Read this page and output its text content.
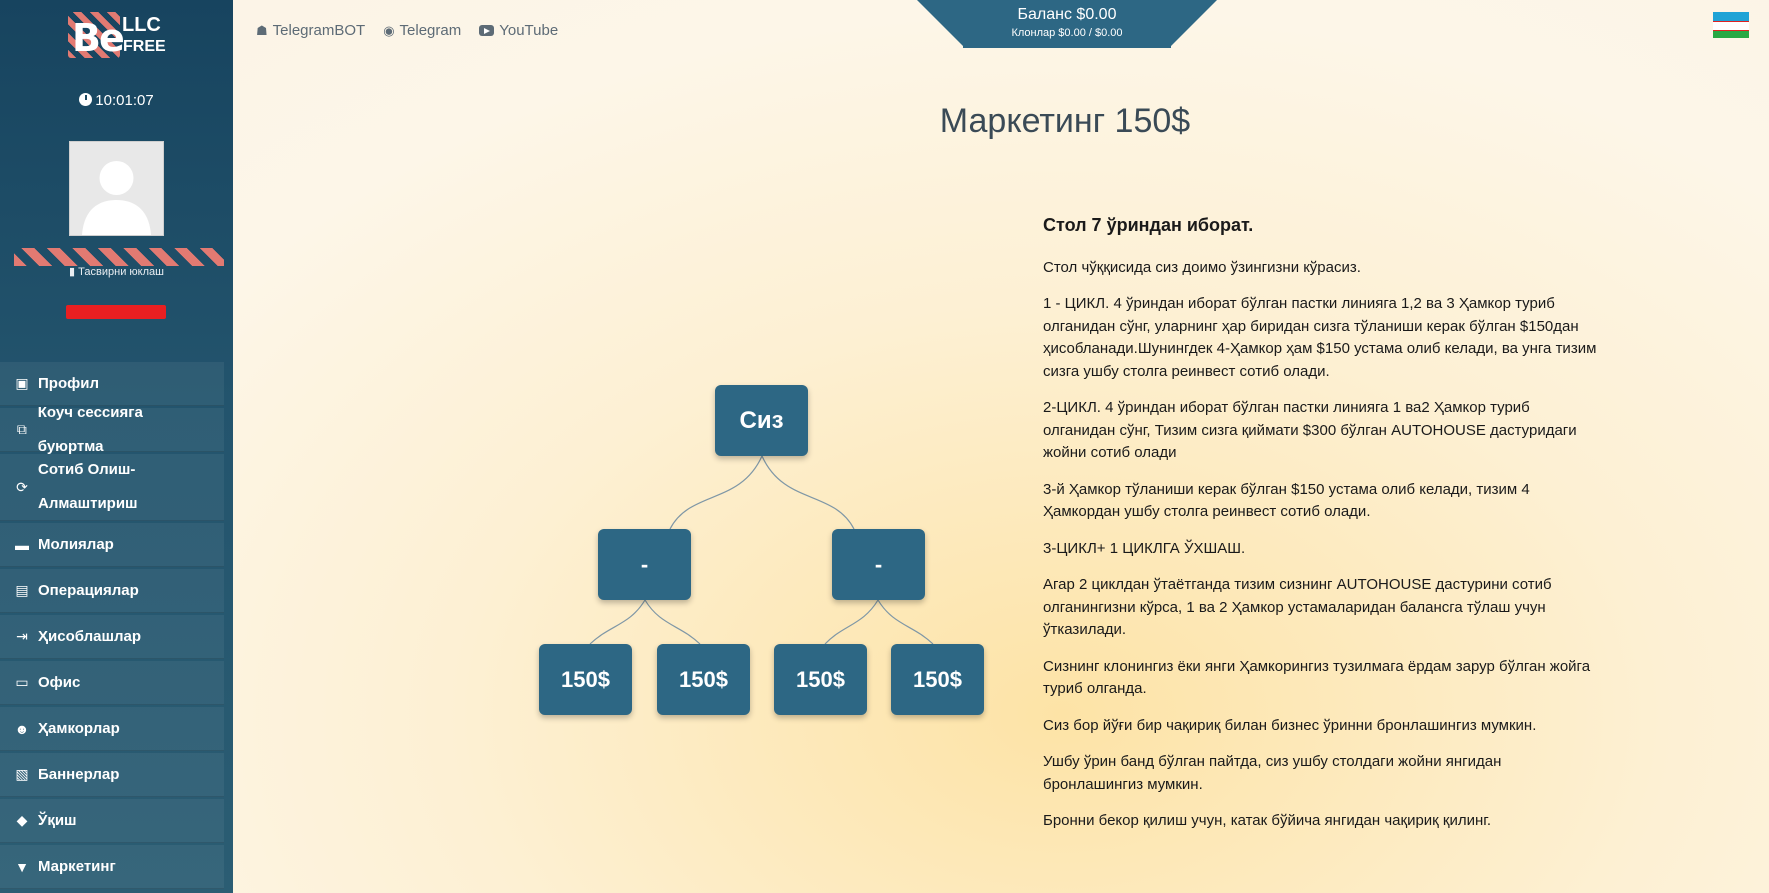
Be LLC
FREE
10:01:07
▮ Тасвирни юклаш
▣ Профил
⧉
Коуч сессияга буюртма
⟳
Сотиб Олиш-Алмаштириш
▬ Молиялар
▤ Операциялар
⇥ Ҳисоблашлар
▭ Офис
☻ Ҳамкорлар
▧ Баннерлар
◆ Ўқиш
▼ Маркетинг
☗ TelegramBOT ◉ Telegram	YouTube
Баланс $0.00
Клонлар $0.00 / $0.00
Маркетинг 150$
Сиз
-	-
150$	150$	150$	150$
Стол 7 ўриндан иборат.

Стол чўққисида сиз доимо ўзингизни кўрасиз.

1 - ЦИКЛ. 4 ўриндан иборат бўлган пастки линияга 1,2 ва 3 Ҳамкор туриб олганидан сўнг, уларнинг ҳар биридан сизга тўланиши керак бўлган $150дан ҳисобланади.Шунингдек 4-Ҳамкор ҳам $150 устама олиб келади, ва унга тизим сизга ушбу столга реинвест сотиб олади.

2-ЦИКЛ. 4 ўриндан иборат бўлган пастки линияга 1 ва2 Ҳамкор туриб олганидан сўнг, Тизим сизга қиймати $300 бўлган AUTOHOUSE дастуридаги жойни сотиб олади

3-й Ҳамкор тўланиши керак бўлган $150 устама олиб келади, тизим 4 Ҳамкордан ушбу столга реинвест сотиб олади.

3-ЦИКЛ+ 1 ЦИКЛГА ЎХШАШ.

Агар 2 циклдан ўтаётганда тизим сизнинг AUTOHOUSE дастурини сотиб олганингизни кўрса, 1 ва 2 Ҳамкор устамаларидан балансга тўлаш учун ўтказилади.

Сизнинг клонингиз ёки янги Ҳамкорингиз тузилмага ёрдам зарур бўлган жойга туриб олганда.

Сиз бор йўғи бир чақириқ билан бизнес ўринни бронлашингиз мумкин.

Ушбу ўрин банд бўлган пайтда, сиз ушбу столдаги жойни янгидан бронлашингиз мумкин.

Бронни бекор қилиш учун, катак бўйича янгидан чақириқ қилинг.
